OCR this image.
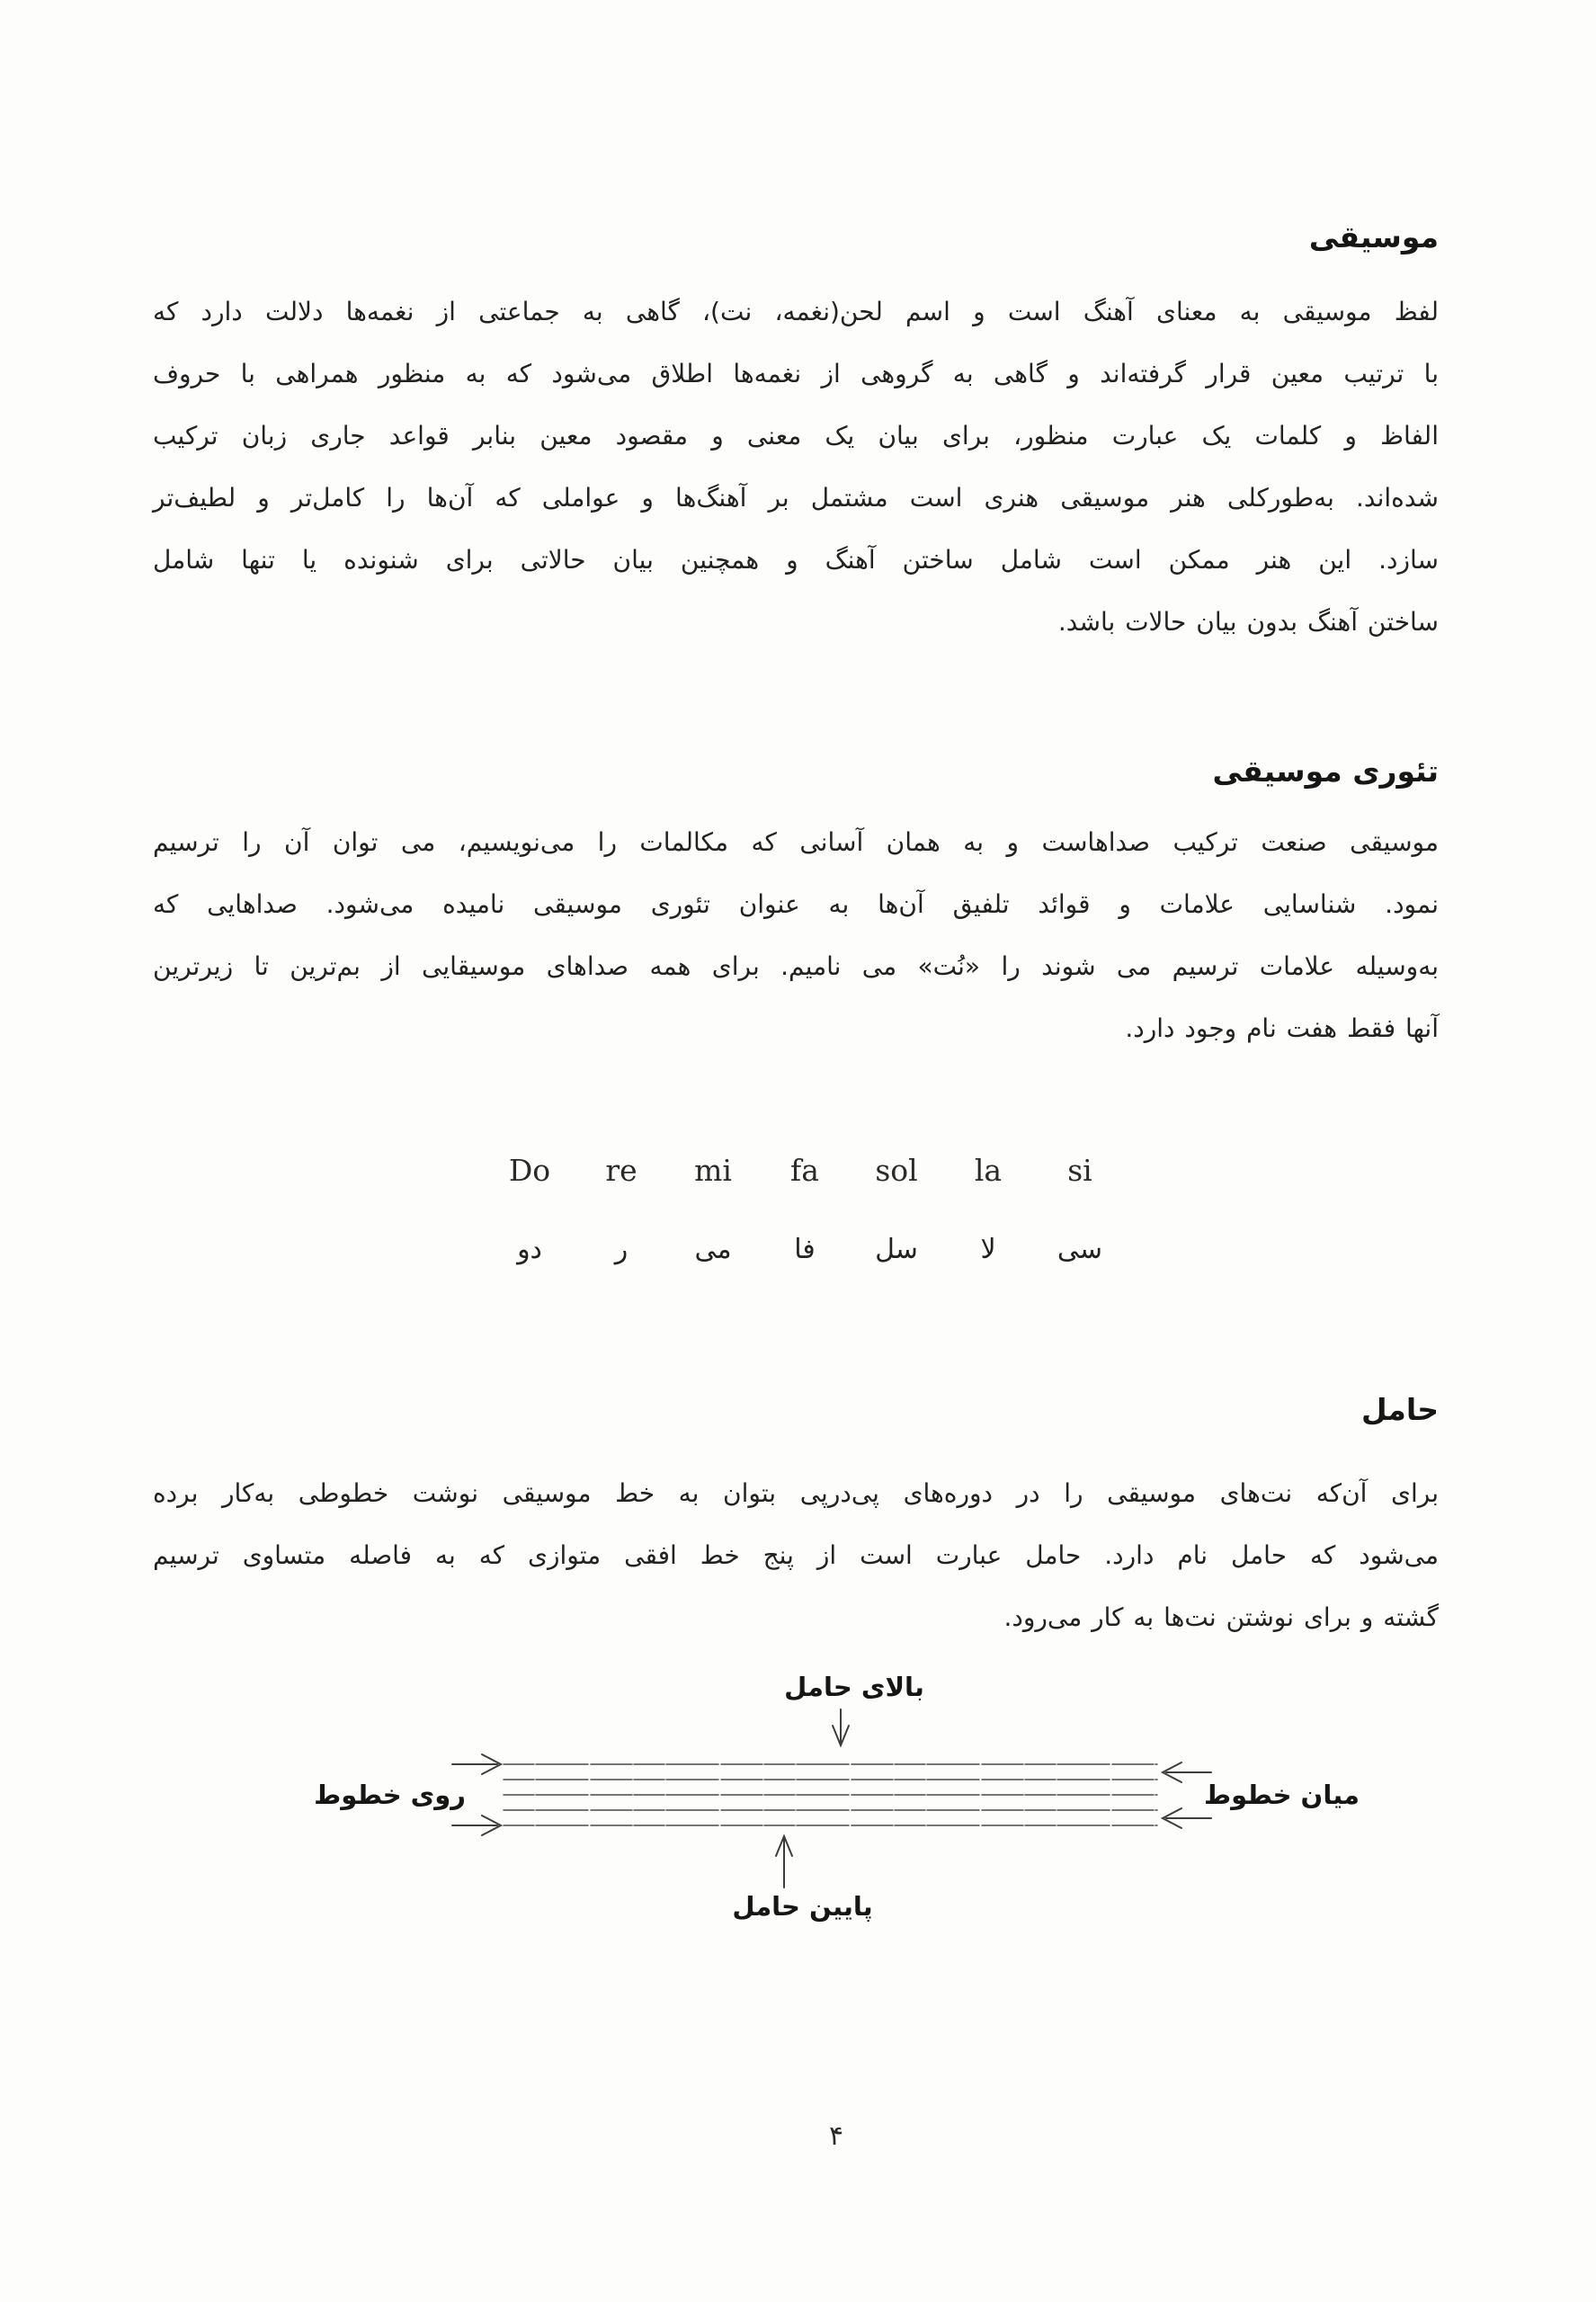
موسیقی
لفظ موسیقی به معنای آهنگ است و اسم لحن(نغمه، نت)، گاهی به جماعتی از نغمه‌ها دلالت دارد که
با ترتیب معین قرار گرفته‌اند و گاهی به گروهی از نغمه‌ها اطلاق می‌شود که به منظور همراهی با حروف
الفاظ و کلمات یک عبارت منظور، برای بیان یک معنی و مقصود معین بنابر قواعد جاری زبان ترکیب
شده‌اند. به‌طورکلی هنر موسیقی هنری است مشتمل بر آهنگ‌ها و عواملی که آن‌ها را کامل‌تر و لطیف‌تر
سازد. این هنر ممکن است شامل ساختن آهنگ و همچنین بیان حالاتی برای شنونده یا تنها شامل
ساختن آهنگ بدون بیان حالات باشد.
تئوری موسیقی
موسیقی صنعت ترکیب صداهاست و به همان آسانی که مکالمات را می‌نویسیم، می توان آن را ترسیم
نمود. شناسایی علامات و قوائد تلفیق آن‌ها به عنوان تئوری موسیقی نامیده می‌شود. صداهایی که
به‌وسیله علامات ترسیم می شوند را «نُت» می نامیم. برای همه صداهای موسیقایی از بم‌ترین تا زیرترین
آنها فقط هفت نام وجود دارد.
Do	re	mi	fa	sol	la	si
دو	ر	می	فا	سل	لا	سی
حامل
برای آن‌که نت‌های موسیقی را در دوره‌های پی‌درپی بتوان به خط موسیقی نوشت خطوطی به‌کار برده
می‌شود که حامل نام دارد. حامل عبارت است از پنج خط افقی متوازی که به فاصله متساوی ترسیم
گشته و برای نوشتن نت‌ها به کار می‌رود.
بالای حامل
روی خطوط	میان خطوط
پایین حامل
۴
